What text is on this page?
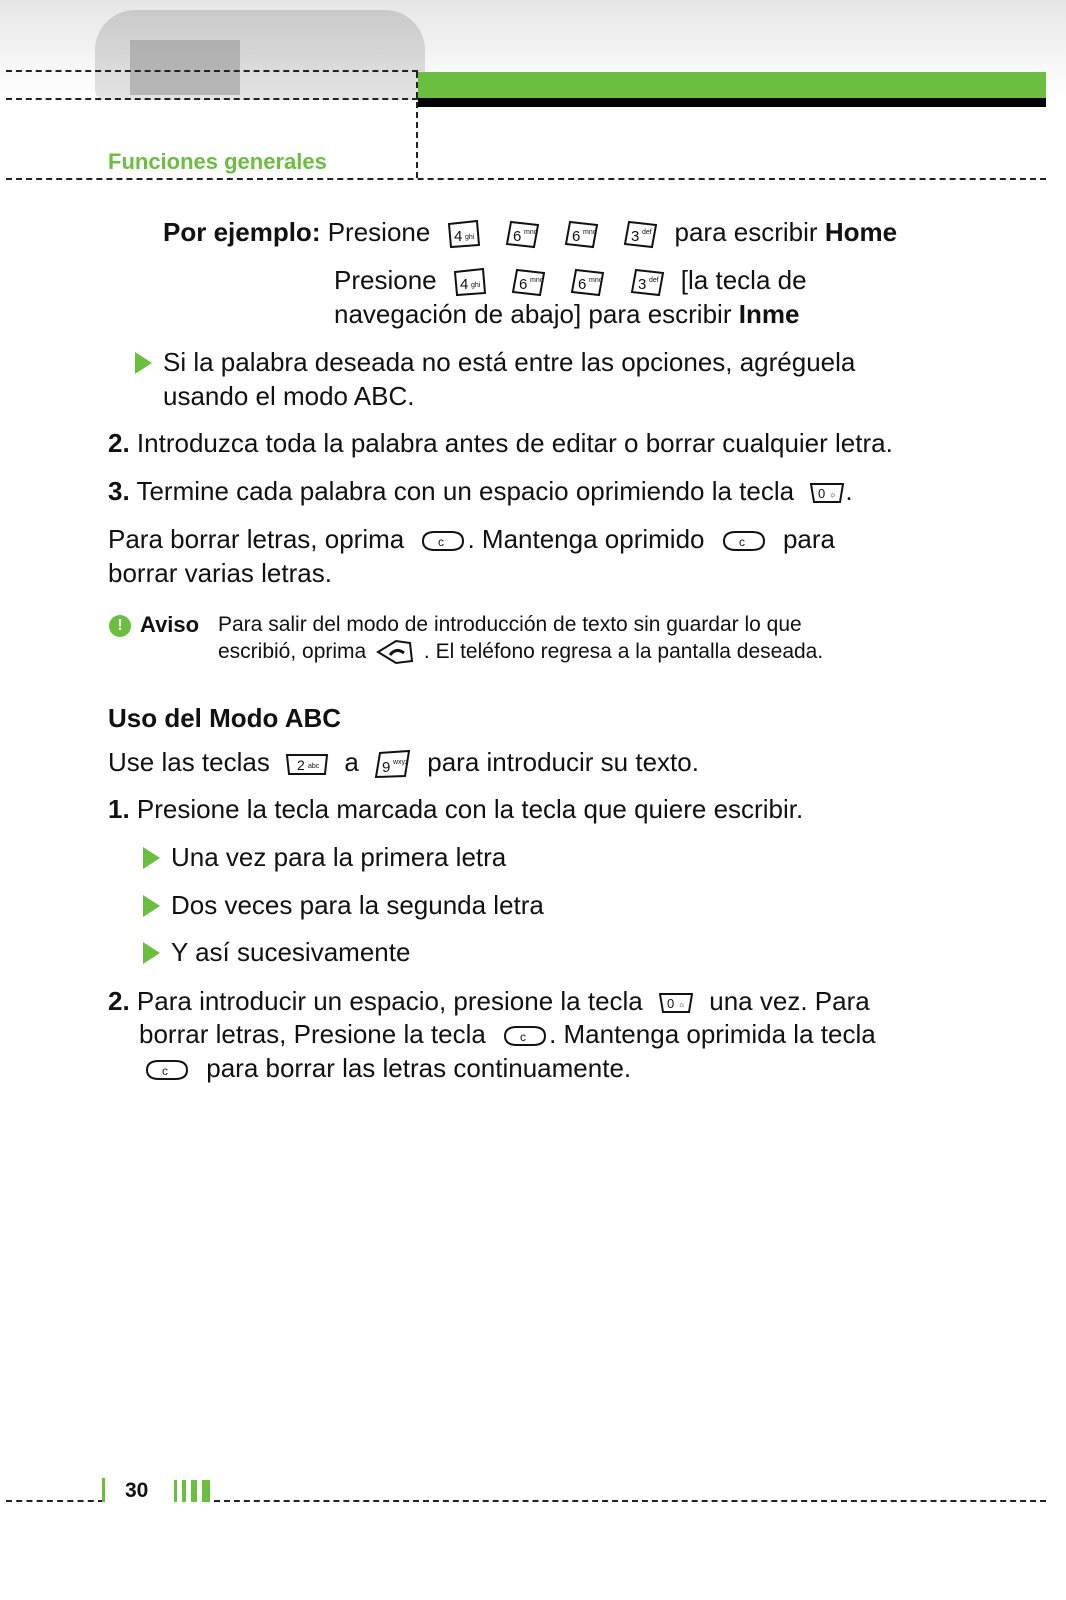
Funciones generales
Por ejemplo: Presione 4 ghi
	6 mno
6 mno
3 def para escribir Home
Presione 4 ghi
	6 mno
6 mno
3 def [la tecla de
navegación de abajo] para escribir Inme
Si la palabra deseada no está entre las opciones, agréguela
usando el modo ABC.
2. Introduzca toda la palabra antes de editar o borrar cualquier letra.
3. Termine cada palabra con un espacio oprimiendo la tecla 0 ☼ .
Para borrar letras, oprima	c . Mantenga oprimido	c para
borrar varias letras.
! Aviso Para salir del modo de introducción de texto sin guardar lo que
escribió, oprima	. El teléfono regresa a la pantalla deseada.
Uso del Modo ABC
Use las teclas 2 abc a 9 wxyz para introducir su texto.
1. Presione la tecla marcada con la tecla que quiere escribir.
Una vez para la primera letra
Dos veces para la segunda letra
Y así sucesivamente
2. Para introducir un espacio, presione la tecla 0 ☼ una vez. Para
borrar letras, Presione la tecla	c . Mantenga oprimida la tecla
c para borrar las letras continuamente.
30
